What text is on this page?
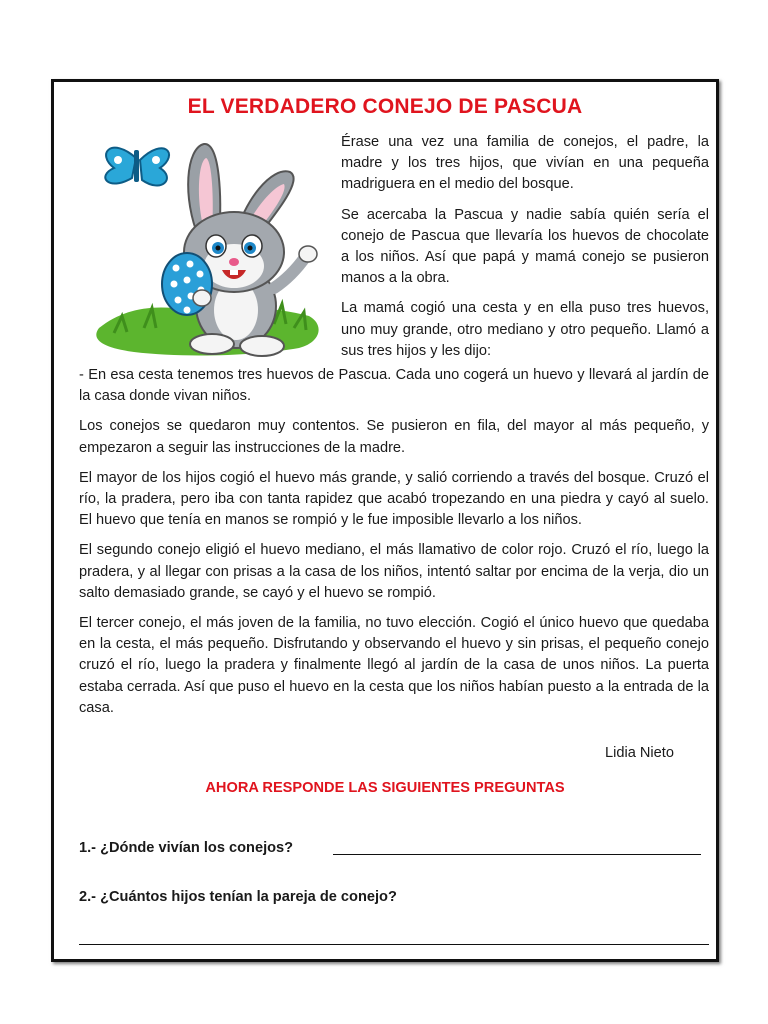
EL VERDADERO CONEJO DE PASCUA

Érase una vez una familia de conejos, el padre, la madre y los tres hijos, que vivían en una pequeña madriguera en el medio del bosque.

Se acercaba la Pascua y nadie sabía quién sería el conejo de Pascua que llevaría los huevos de chocolate a los niños. Así que papá y mamá conejo se pusieron manos a la obra.

La mamá cogió una cesta y en ella puso tres huevos, uno muy grande, otro mediano y otro pequeño. Llamó a sus tres hijos y les dijo:

- En esa cesta tenemos tres huevos de Pascua. Cada uno cogerá un huevo y llevará al jardín de la casa donde vivan niños.

Los conejos se quedaron muy contentos. Se pusieron en fila, del mayor al más pequeño, y empezaron a seguir las instrucciones de la madre.

El mayor de los hijos cogió el huevo más grande, y salió corriendo a través del bosque. Cruzó el río, la pradera, pero iba con tanta rapidez que acabó tropezando en una piedra y cayó al suelo. El huevo que tenía en manos se rompió y le fue imposible llevarlo a los niños.

El segundo conejo eligió el huevo mediano, el más llamativo de color rojo. Cruzó el río, luego la pradera, y al llegar con prisas a la casa de los niños, intentó saltar por encima de la verja, dio un salto demasiado grande, se cayó y el huevo se rompió.

El tercer conejo, el más joven de la familia, no tuvo elección. Cogió el único huevo que quedaba en la cesta, el más pequeño. Disfrutando y observando el huevo y sin prisas, el pequeño conejo cruzó el río, luego la pradera y finalmente llegó al jardín de la casa de unos niños. La puerta estaba cerrada. Así que puso el huevo en la cesta que los niños habían puesto a la entrada de la casa.

Lidia Nieto
AHORA RESPONDE LAS SIGUIENTES PREGUNTAS
1.- ¿Dónde vivían los conejos?
2.- ¿Cuántos hijos tenían la pareja de conejo?
